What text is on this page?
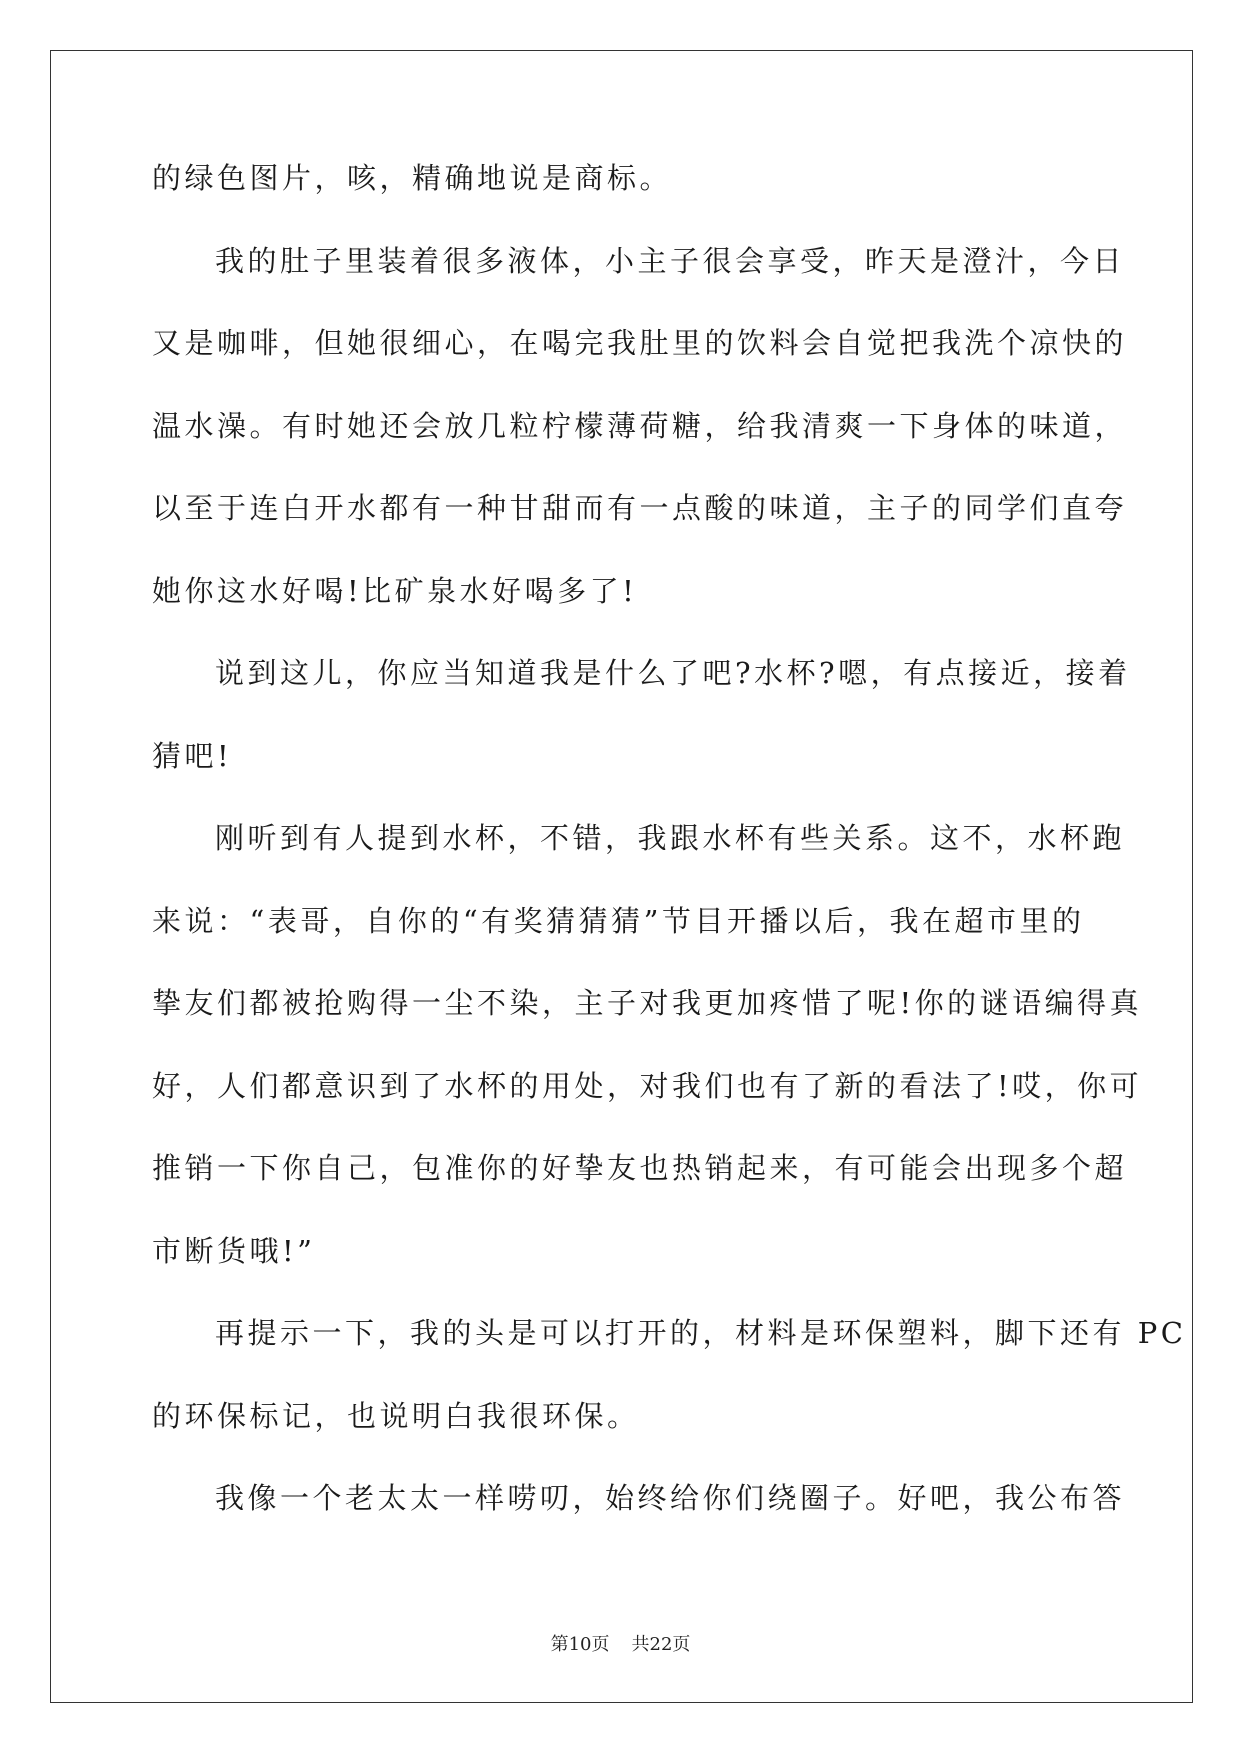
的绿色图片，咳，精确地说是商标。
我的肚子里装着很多液体，小主子很会享受，昨天是澄汁，今日
又是咖啡，但她很细心，在喝完我肚里的饮料会自觉把我洗个凉快的
温水澡。有时她还会放几粒柠檬薄荷糖，给我清爽一下身体的味道，
以至于连白开水都有一种甘甜而有一点酸的味道，主子的同学们直夸
她你这水好喝!比矿泉水好喝多了!
说到这儿，你应当知道我是什么了吧?水杯?嗯，有点接近，接着
猜吧!
刚听到有人提到水杯，不错，我跟水杯有些关系。这不，水杯跑
来说：“表哥，自你的“有奖猜猜猜”节目开播以后，我在超市里的
挚友们都被抢购得一尘不染，主子对我更加疼惜了呢!你的谜语编得真
好，人们都意识到了水杯的用处，对我们也有了新的看法了!哎，你可
推销一下你自己，包准你的好挚友也热销起来，有可能会出现多个超
市断货哦!”
再提示一下，我的头是可以打开的，材料是环保塑料，脚下还有 PC
的环保标记，也说明白我很环保。
我像一个老太太一样唠叨，始终给你们绕圈子。好吧，我公布答
第10页 共22页
